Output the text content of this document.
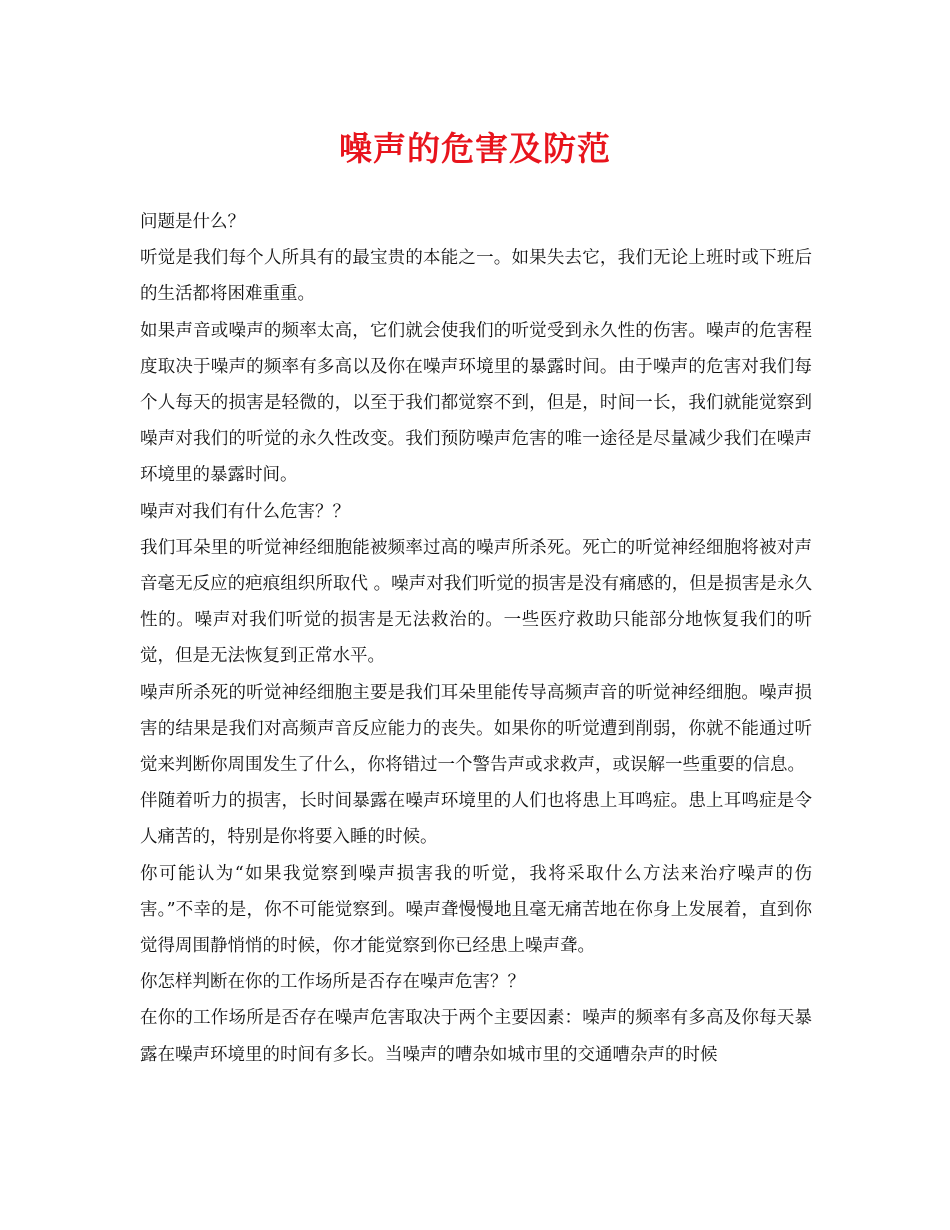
噪声的危害及防范

问题是什么？

听觉是我们每个人所具有的最宝贵的本能之一。如果失去它，我们无论上班时或下班后的生活都将困难重重。

如果声音或噪声的频率太高，它们就会使我们的听觉受到永久性的伤害。噪声的危害程度取决于噪声的频率有多高以及你在噪声环境里的暴露时间。由于噪声的危害对我们每个人每天的损害是轻微的，以至于我们都觉察不到，但是，时间一长，我们就能觉察到噪声对我们的听觉的永久性改变。我们预防噪声危害的唯一途径是尽量减少我们在噪声环境里的暴露时间。

噪声对我们有什么危害？？

我们耳朵里的听觉神经细胞能被频率过高的噪声所杀死。死亡的听觉神经细胞将被对声音毫无反应的疤痕组织所取代 。噪声对我们听觉的损害是没有痛感的，但是损害是永久性的。噪声对我们听觉的损害是无法救治的。一些医疗救助只能部分地恢复我们的听觉，但是无法恢复到正常水平。

噪声所杀死的听觉神经细胞主要是我们耳朵里能传导高频声音的听觉神经细胞。噪声损害的结果是我们对高频声音反应能力的丧失。如果你的听觉遭到削弱，你就不能通过听觉来判断你周围发生了什么，你将错过一个警告声或求救声，或误解一些重要的信息。

伴随着听力的损害，长时间暴露在噪声环境里的人们也将患上耳鸣症。患上耳鸣症是令人痛苦的，特别是你将要入睡的时候。

你可能认为“如果我觉察到噪声损害我的听觉，我将采取什么方法来治疗噪声的伤害。”不幸的是，你不可能觉察到。噪声聋慢慢地且毫无痛苦地在你身上发展着，直到你觉得周围静悄悄的时候，你才能觉察到你已经患上噪声聋。

你怎样判断在你的工作场所是否存在噪声危害？？

在你的工作场所是否存在噪声危害取决于两个主要因素：噪声的频率有多高及你每天暴露在噪声环境里的时间有多长。当噪声的嘈杂如城市里的交通嘈杂声的时候
